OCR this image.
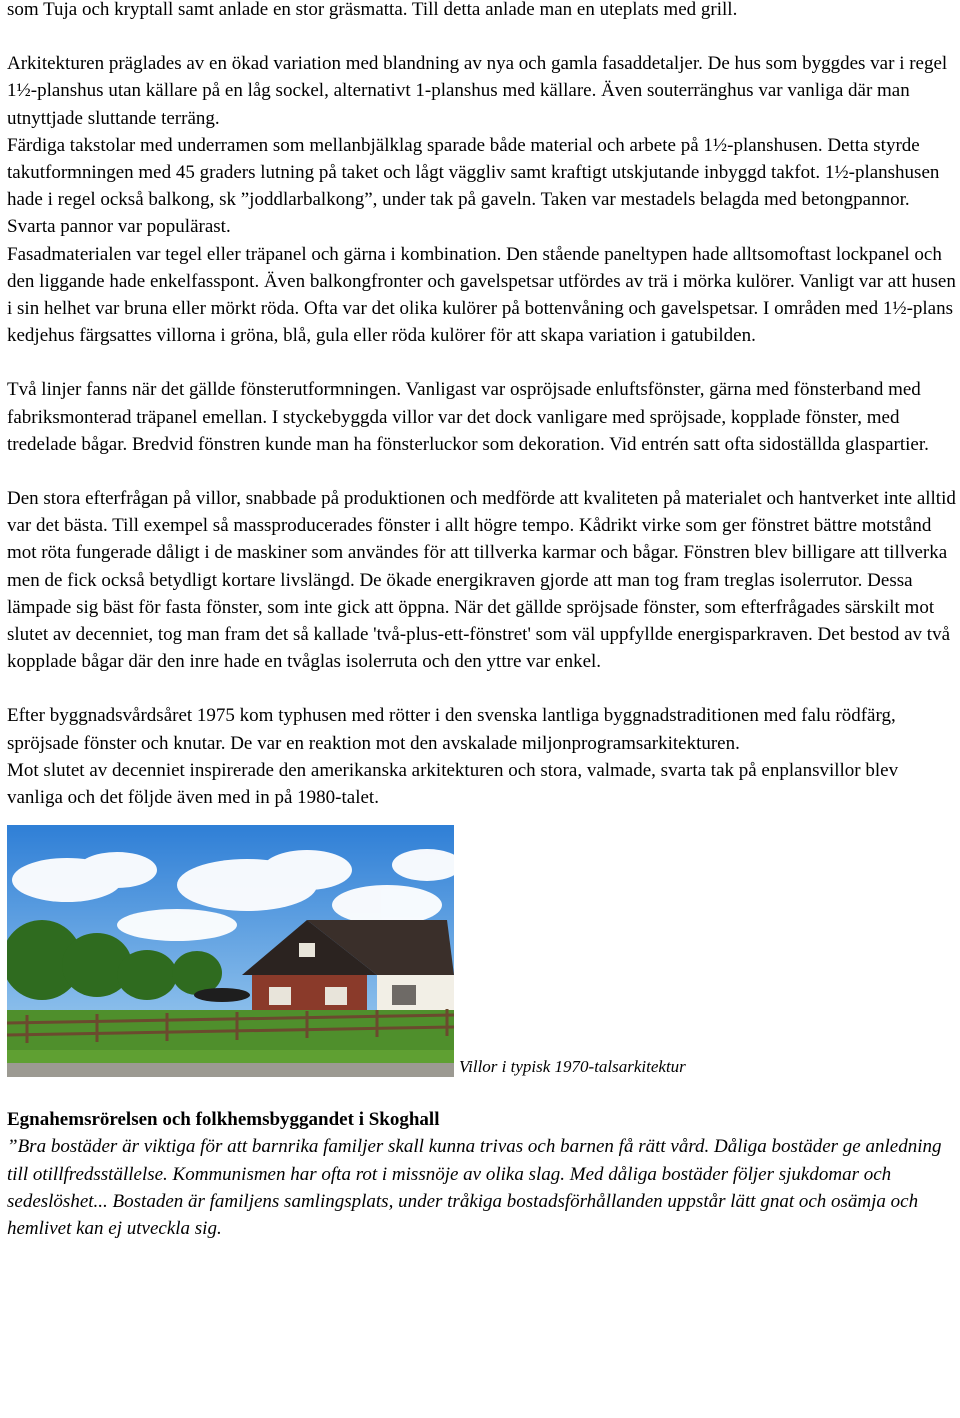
som Tuja och kryptall samt anlade en stor gräsmatta. Till detta anlade man en uteplats med grill.

Arkitekturen präglades av en ökad variation med blandning av nya och gamla fasaddetaljer. De hus som byggdes var i regel 1½-planshus utan källare på en låg sockel, alternativt 1-planshus med källare. Även souterränghus var vanliga där man utnyttjade sluttande terräng.

Färdiga takstolar med underramen som mellanbjälklag sparade både material och arbete på 1½-planshusen. Detta styrde takutformningen med 45 graders lutning på taket och lågt väggliv samt kraftigt utskjutande inbyggd takfot. 1½-planshusen hade i regel också balkong, sk ”joddlarbalkong”, under tak på gaveln. Taken var mestadels belagda med betongpannor. Svarta pannor var populärast.

Fasadmaterialen var tegel eller träpanel och gärna i kombination. Den stående paneltypen hade alltsomoftast lockpanel och den liggande hade enkelfasspont. Även balkongfronter och gavelspetsar utfördes av trä i mörka kulörer. Vanligt var att husen i sin helhet var bruna eller mörkt röda. Ofta var det olika kulörer på bottenvåning och gavelspetsar. I områden med 1½-plans kedjehus färgsattes villorna i gröna, blå, gula eller röda kulörer för att skapa variation i gatubilden.

Två linjer fanns när det gällde fönsterutformningen. Vanligast var ospröjsade enluftsfönster, gärna med fönsterband med fabriksmonterad träpanel emellan. I styckebyggda villor var det dock vanligare med spröjsade, kopplade fönster, med tredelade bågar. Bredvid fönstren kunde man ha fönsterluckor som dekoration. Vid entrén satt ofta sidoställda glaspartier.

Den stora efterfrågan på villor, snabbade på produktionen och medförde att kvaliteten på materialet och hantverket inte alltid var det bästa. Till exempel så massproducerades fönster i allt högre tempo. Kådrikt virke som ger fönstret bättre motstånd mot röta fungerade dåligt i de maskiner som användes för att tillverka karmar och bågar. Fönstren blev billigare att tillverka men de fick också betydligt kortare livslängd. De ökade energikraven gjorde att man tog fram treglas isolerrutor. Dessa lämpade sig bäst för fasta fönster, som inte gick att öppna. När det gällde spröjsade fönster, som efterfrågades särskilt mot slutet av decenniet, tog man fram det så kallade 'två-plus-ett-fönstret' som väl uppfyllde energisparkraven. Det bestod av två kopplade bågar där den inre hade en tvåglas isolerruta och den yttre var enkel.

Efter byggnadsvårdsåret 1975 kom typhusen med rötter i den svenska lantliga byggnadstraditionen med falu rödfärg, spröjsade fönster och knutar. De var en reaktion mot den avskalade miljonprogramsarkitekturen.

Mot slutet av decenniet inspirerade den amerikanska arkitekturen och stora, valmade, svarta tak på enplansvillor blev vanliga och det följde även med in på 1980-talet.

Villor i typisk 1970-talsarkitektur

Egnahemsrörelsen och folkhemsbyggandet i Skoghall

”Bra bostäder är viktiga för att barnrika familjer skall kunna trivas och barnen få rätt vård. Dåliga bostäder ge anledning till otillfredsställelse. Kommunismen har ofta rot i missnöje av olika slag. Med dåliga bostäder följer sjukdomar och sedeslöshet... Bostaden är familjens samlingsplats, under tråkiga bostadsförhållanden uppstår lätt gnat och osämja och hemlivet kan ej utveckla sig.
